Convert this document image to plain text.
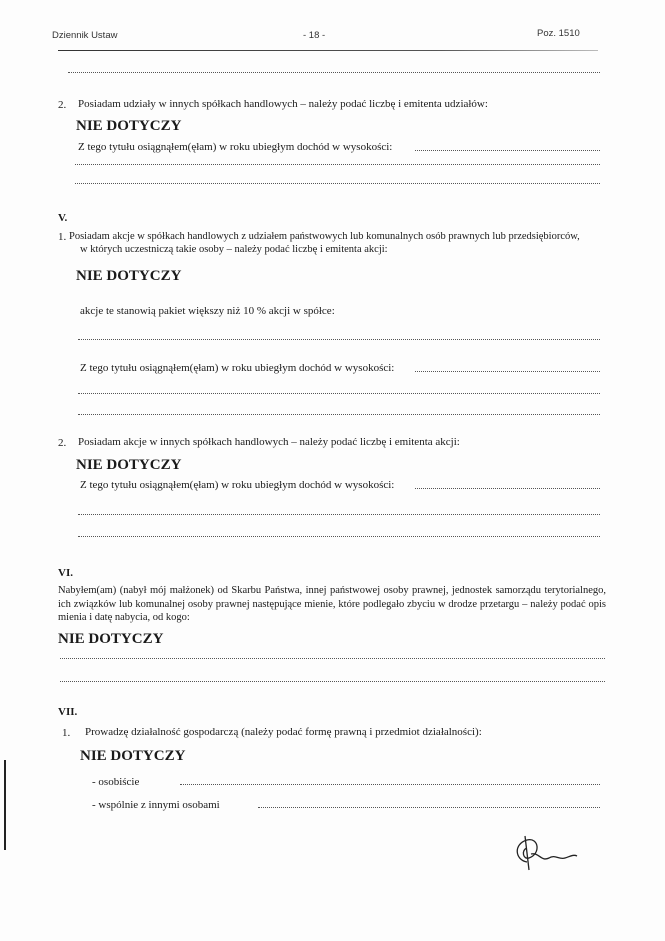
Dziennik Ustaw	- 18 -	Poz. 1510
2. Posiadam udziały w innych spółkach handlowych – należy podać liczbę i emitenta udziałów:
NIE DOTYCZY
Z tego tytułu osiągnąłem(ęłam) w roku ubiegłym dochód w wysokości:
V.
1. Posiadam akcje w spółkach handlowych z udziałem państwowych lub komunalnych osób prawnych lub przedsiębiorców,
w których uczestniczą takie osoby – należy podać liczbę i emitenta akcji:
NIE DOTYCZY
akcje te stanowią pakiet większy niż 10 % akcji w spółce:
Z tego tytułu osiągnąłem(ęłam) w roku ubiegłym dochód w wysokości:
2. Posiadam akcje w innych spółkach handlowych – należy podać liczbę i emitenta akcji:
NIE DOTYCZY
Z tego tytułu osiągnąłem(ęłam) w roku ubiegłym dochód w wysokości:
VI.
Nabyłem(am) (nabył mój małżonek) od Skarbu Państwa, innej państwowej osoby prawnej, jednostek samorządu terytorialnego, ich związków lub komunalnej osoby prawnej następujące mienie, które podlegało zbyciu w drodze przetargu – należy podać opis mienia i datę nabycia, od kogo:
NIE DOTYCZY
VII.
1. Prowadzę działalność gospodarczą (należy podać formę prawną i przedmiot działalności):
NIE DOTYCZY
- osobiście
- wspólnie z innymi osobami
